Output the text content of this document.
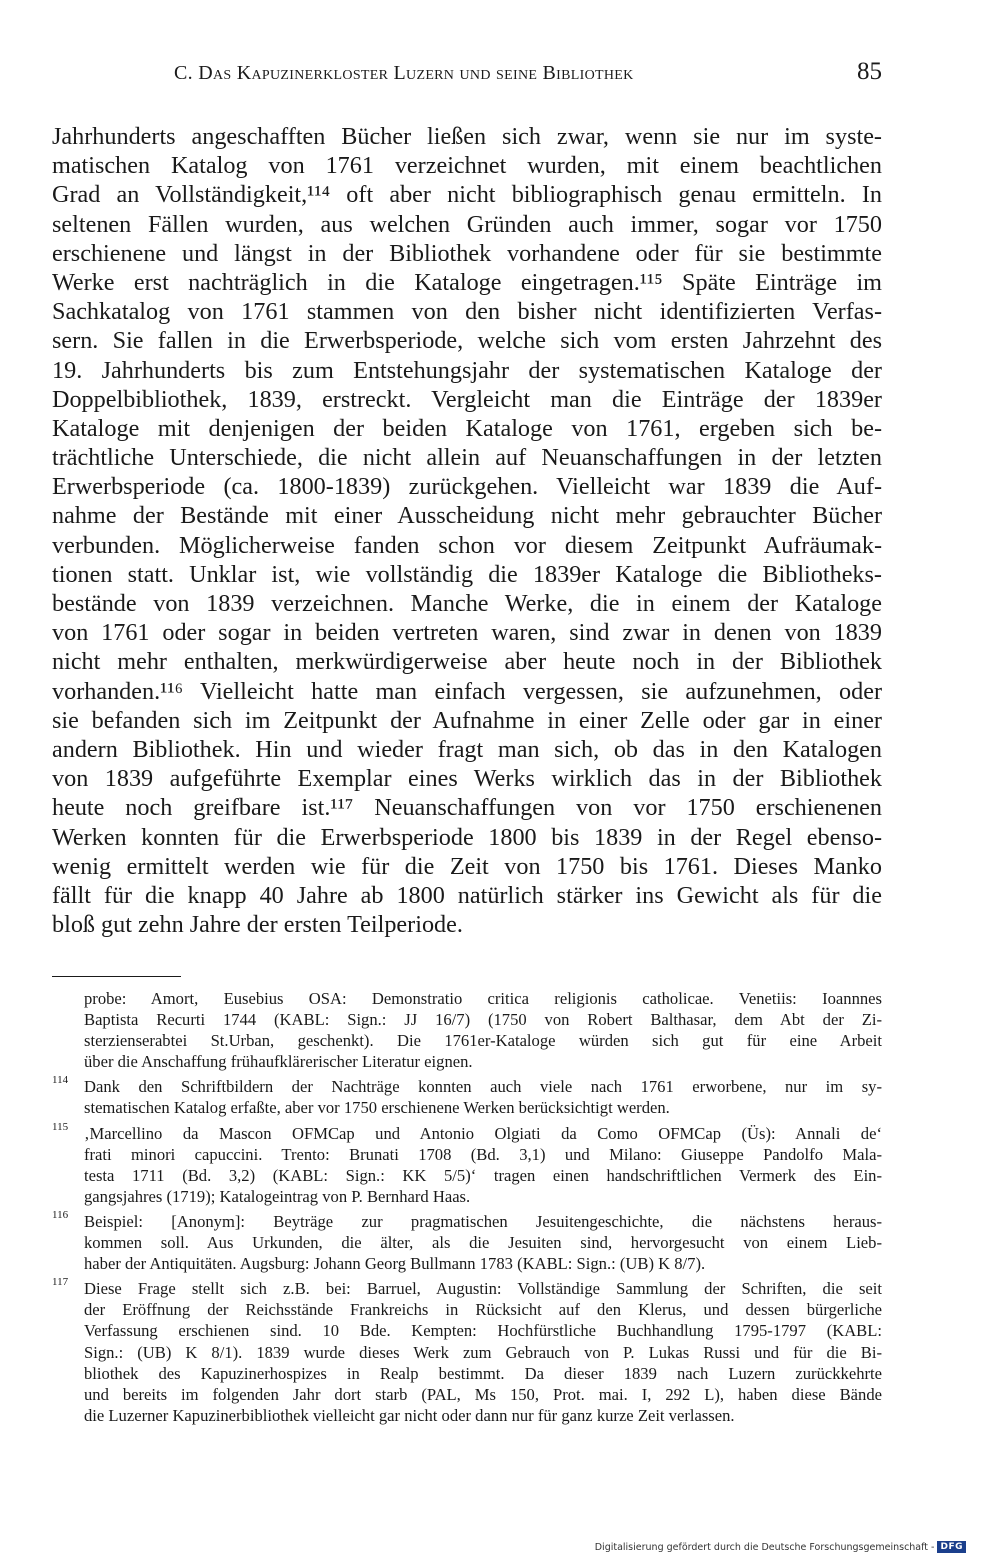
C. Das Kapuzinerkloster Luzern und seine Bibliothek	85
Jahrhunderts angeschafften Bücher ließen sich zwar, wenn sie nur im syste-
matischen Katalog von 1761 verzeichnet wurden, mit einem beachtlichen
Grad an Vollständigkeit,¹¹⁴ oft aber nicht bibliographisch genau ermitteln. In
seltenen Fällen wurden, aus welchen Gründen auch immer, sogar vor 1750
erschienene und längst in der Bibliothek vorhandene oder für sie bestimmte
Werke erst nachträglich in die Kataloge eingetragen.¹¹⁵ Späte Einträge im
Sachkatalog von 1761 stammen von den bisher nicht identifizierten Verfas-
sern. Sie fallen in die Erwerbsperiode, welche sich vom ersten Jahrzehnt des
19. Jahrhunderts bis zum Entstehungsjahr der systematischen Kataloge der
Doppelbibliothek, 1839, erstreckt. Vergleicht man die Einträge der 1839er
Kataloge mit denjenigen der beiden Kataloge von 1761, ergeben sich be-
trächtliche Unterschiede, die nicht allein auf Neuanschaffungen in der letzten
Erwerbsperiode (ca. 1800-1839) zurückgehen. Vielleicht war 1839 die Auf-
nahme der Bestände mit einer Ausscheidung nicht mehr gebrauchter Bücher
verbunden. Möglicherweise fanden schon vor diesem Zeitpunkt Aufräumak-
tionen statt. Unklar ist, wie vollständig die 1839er Kataloge die Bibliotheks-
bestände von 1839 verzeichnen. Manche Werke, die in einem der Kataloge
von 1761 oder sogar in beiden vertreten waren, sind zwar in denen von 1839
nicht mehr enthalten, merkwürdigerweise aber heute noch in der Bibliothek
vorhanden.¹¹⁶ Vielleicht hatte man einfach vergessen, sie aufzunehmen, oder
sie befanden sich im Zeitpunkt der Aufnahme in einer Zelle oder gar in einer
andern Bibliothek. Hin und wieder fragt man sich, ob das in den Katalogen
von 1839 aufgeführte Exemplar eines Werks wirklich das in der Bibliothek
heute noch greifbare ist.¹¹⁷ Neuanschaffungen von vor 1750 erschienenen
Werken konnten für die Erwerbsperiode 1800 bis 1839 in der Regel ebenso-
wenig ermittelt werden wie für die Zeit von 1750 bis 1761. Dieses Manko
fällt für die knapp 40 Jahre ab 1800 natürlich stärker ins Gewicht als für die
bloß gut zehn Jahre der ersten Teilperiode.
probe: Amort, Eusebius OSA: Demonstratio critica religionis catholicae. Venetiis: Ioannnes
Baptista Recurti 1744 (KABL: Sign.: JJ 16/7) (1750 von Robert Balthasar, dem Abt der Zi-
sterzienserabtei St.Urban, geschenkt). Die 1761er-Kataloge würden sich gut für eine Arbeit
über die Anschaffung frühaufklärerischer Literatur eignen.
114 Dank den Schriftbildern der Nachträge konnten auch viele nach 1761 erworbene, nur im sy-
stematischen Katalog erfaßte, aber vor 1750 erschienene Werken berücksichtigt werden.
115 ‚Marcellino da Mascon OFMCap und Antonio Olgiati da Como OFMCap (Üs): Annali de‘
frati minori capuccini. Trento: Brunati 1708 (Bd. 3,1) und Milano: Giuseppe Pandolfo Mala-
testa 1711 (Bd. 3,2) (KABL: Sign.: KK 5/5)‘ tragen einen handschriftlichen Vermerk des Ein-
gangsjahres (1719); Katalogeintrag von P. Bernhard Haas.
116 Beispiel: [Anonym]: Beyträge zur pragmatischen Jesuitengeschichte, die nächstens heraus-
kommen soll. Aus Urkunden, die älter, als die Jesuiten sind, hervorgesucht von einem Lieb-
haber der Antiquitäten. Augsburg: Johann Georg Bullmann 1783 (KABL: Sign.: (UB) K 8/7).
117 Diese Frage stellt sich z.B. bei: Barruel, Augustin: Vollständige Sammlung der Schriften, die seit
der Eröffnung der Reichsstände Frankreichs in Rücksicht auf den Klerus, und dessen bürgerliche
Verfassung erschienen sind. 10 Bde. Kempten: Hochfürstliche Buchhandlung 1795-1797 (KABL:
Sign.: (UB) K 8/1). 1839 wurde dieses Werk zum Gebrauch von P. Lukas Russi und für die Bi-
bliothek des Kapuzinerhospizes in Realp bestimmt. Da dieser 1839 nach Luzern zurückkehrte
und bereits im folgenden Jahr dort starb (PAL, Ms 150, Prot. mai. I, 292 L), haben diese Bände
die Luzerner Kapuzinerbibliothek vielleicht gar nicht oder dann nur für ganz kurze Zeit verlassen.
Digitalisierung gefördert durch die Deutsche Forschungsgemeinschaft - DFG
